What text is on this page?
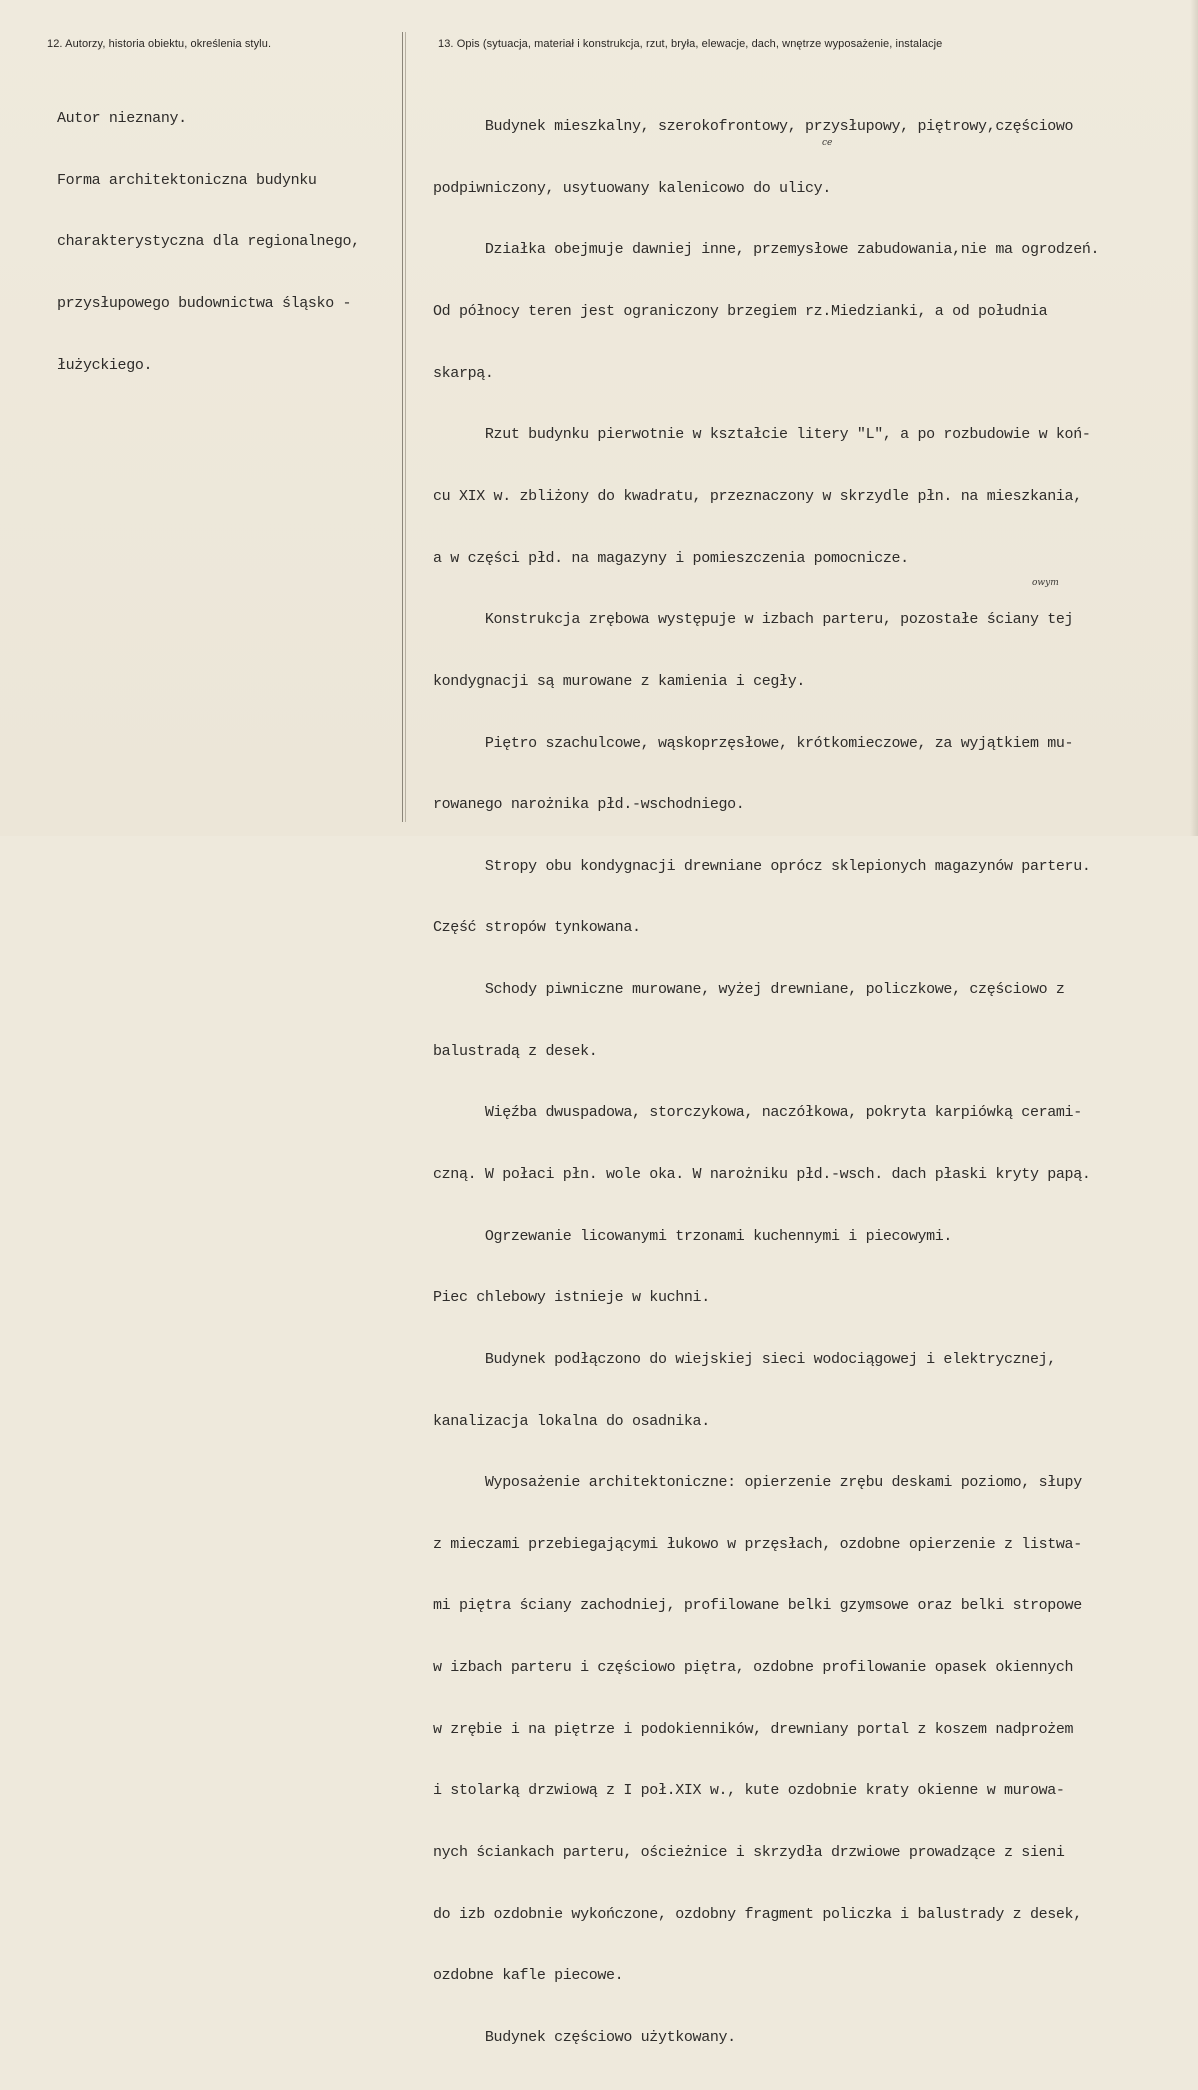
12. Autorzy, historia obiektu, określenia stylu.	13. Opis (sytuacja, materiał i konstrukcja, rzut, bryła, elewacje, dach, wnętrze wyposażenie, instalacje

Autor nieznany.

Forma architektoniczna budynku

charakterystyczna dla regionalnego,

przysłupowego budownictwa śląsko -

łużyckiego.

Budynek mieszkalny, szerokofrontowy, przysłupowy, piętrowy,częściowo

podpiwniczony, usytuowany kalenicowo do ulicy.

Działka obejmuje dawniej inne, przemysłowe zabudowania,nie ma ogrodzeń.

Od północy teren jest ograniczony brzegiem rz.Miedzianki, a od południa

skarpą.

Rzut budynku pierwotnie w kształcie litery "L", a po rozbudowie w koń-

cu XIX w. zbliżony do kwadratu, przeznaczony w skrzydle płn. na mieszkania,

a w części płd. na magazyny i pomieszczenia pomocnicze.

Konstrukcja zrębowa występuje w izbach parteru, pozostałe ściany tej

kondygnacji są murowane z kamienia i cegły.

Piętro szachulcowe, wąskoprzęsłowe, krótkomieczowe, za wyjątkiem mu-

rowanego narożnika płd.-wschodniego.

Stropy obu kondygnacji drewniane oprócz sklepionych magazynów parteru.

Część stropów tynkowana.

Schody piwniczne murowane, wyżej drewniane, policzkowe, częściowo z

balustradą z desek.

Więźba dwuspadowa, storczykowa, naczółkowa, pokryta karpiówką cerami-

czną. W połaci płn. wole oka. W narożniku płd.-wsch. dach płaski kryty papą.

Ogrzewanie licowanymi trzonami kuchennymi i piecowymi.

Piec chlebowy istnieje w kuchni.

Budynek podłączono do wiejskiej sieci wodociągowej i elektrycznej,

kanalizacja lokalna do osadnika.

Wyposażenie architektoniczne: opierzenie zrębu deskami poziomo, słupy

z mieczami przebiegającymi łukowo w przęsłach, ozdobne opierzenie z listwa-

mi piętra ściany zachodniej, profilowane belki gzymsowe oraz belki stropowe

w izbach parteru i częściowo piętra, ozdobne profilowanie opasek okiennych

w zrębie i na piętrze i podokienników, drewniany portal z koszem nadprożem

i stolarką drzwiową z I poł.XIX w., kute ozdobnie kraty okienne w murowa-

nych ściankach parteru, ościeżnice i skrzydła drzwiowe prowadzące z sieni

do izb ozdobnie wykończone, ozdobny fragment policzka i balustrady z desek,

ozdobne kafle piecowe.

Budynek częściowo użytkowany.

ce
owym
